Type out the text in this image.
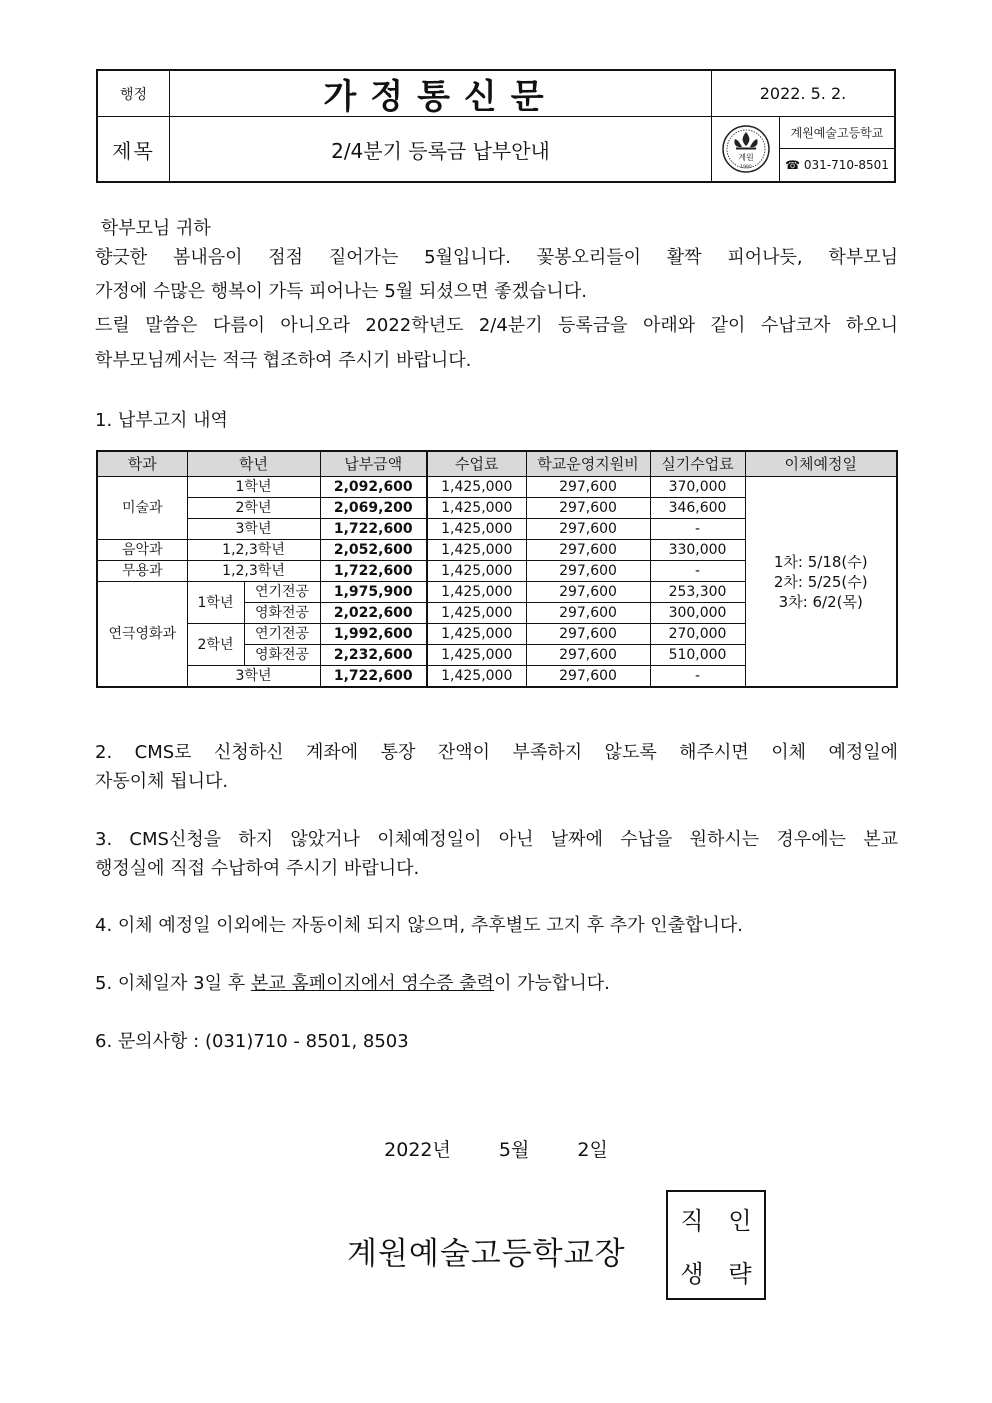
행정	가정통신문	2022. 5. 2.
제목	2/4분기 등록금 납부안내	계원
1980
계원예술고등학교
☎ 031-710-8501

학부모님 귀하

향긋한 봄내음이 점점 짙어가는 5월입니다. 꽃봉오리들이 활짝 피어나듯, 학부모님

가정에 수많은 행복이 가득 피어나는 5월 되셨으면 좋겠습니다.

드릴 말씀은 다름이 아니오라 2022학년도 2/4분기 등록금을 아래와 같이 수납코자 하오니

학부모님께서는 적극 협조하여 주시기 바랍니다.

1. 납부고지 내역

학과	학년		납부금액	수업료	학교운영지원비	실기수업료	이체예정일
미술과	1학년		2,092,600	1,425,000	297,600	370,000	1차: 5/18(수)
2차: 5/25(수)
3차: 6/2(목)

	2학년		2,069,200	1,425,000	297,600	346,600	
	3학년		1,722,600	1,425,000	297,600	-	
음악과	1,2,3학년		2,052,600	1,425,000	297,600	330,000	
무용과	1,2,3학년		1,722,600	1,425,000	297,600	-	
연극영화과	1학년	연기전공	1,975,900	1,425,000	297,600	253,300	
		영화전공	2,022,600	1,425,000	297,600	300,000	
	2학년	연기전공	1,992,600	1,425,000	297,600	270,000	
		영화전공	2,232,600	1,425,000	297,600	510,000	
	3학년		1,722,600	1,425,000	297,600	-	

2. CMS로 신청하신 계좌에 통장 잔액이 부족하지 않도록 해주시면 이체 예정일에

자동이체 됩니다.

3. CMS신청을 하지 않았거나 이체예정일이 아닌 날짜에 수납을 원하시는 경우에는 본교

행정실에 직접 수납하여 주시기 바랍니다.

4. 이체 예정일 이외에는 자동이체 되지 않으며, 추후별도 고지 후 추가 인출합니다.

5. 이체일자 3일 후 본교 홈페이지에서 영수증 출력이 가능합니다.

6. 문의사항 : (031)710 - 8501, 8503

2022년 5월 2일
계원예술고등학교장
직	인
생	략
